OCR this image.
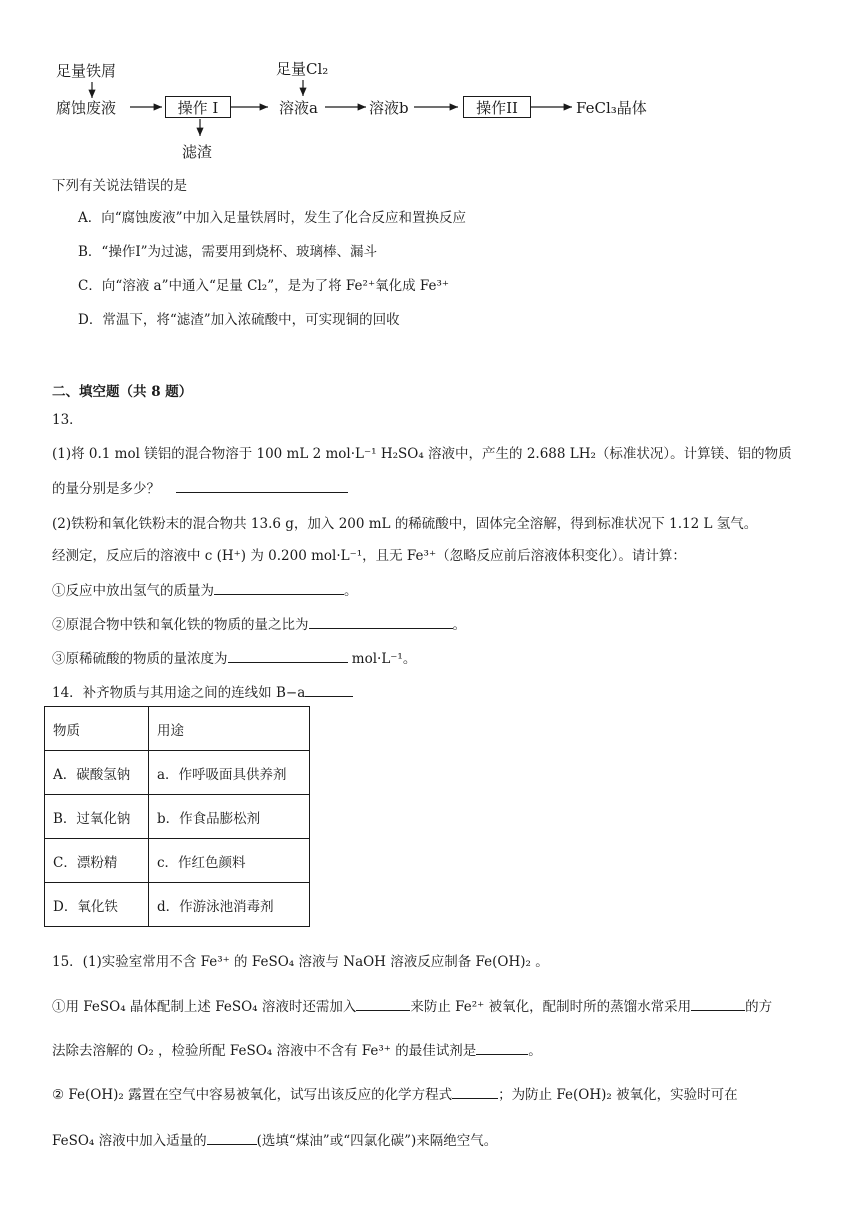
足量铁屑	足量Cl₂
腐蚀废液	操作 I
滤渣
溶液a	溶液b	操作II	FeCl₃晶体
下列有关说法错误的是
A．向“腐蚀废液”中加入足量铁屑时，发生了化合反应和置换反应
B．“操作Ⅰ”为过滤，需要用到烧杯、玻璃棒、漏斗
C．向“溶液 a”中通入“足量 Cl₂”，是为了将 Fe²⁺氧化成 Fe³⁺
D．常温下，将“滤渣”加入浓硫酸中，可实现铜的回收
二、填空题（共 8 题）
13．
(1)将 0.1 mol 镁铝的混合物溶于 100 mL 2 mol·L⁻¹ H₂SO₄ 溶液中，产生的 2.688 LH₂（标准状况）。计算镁、铝的物质
的量分别是多少？
(2)铁粉和氧化铁粉末的混合物共 13.6 g，加入 200 mL 的稀硫酸中，固体完全溶解，得到标准状况下 1.12 L 氢气。
经测定，反应后的溶液中 c (H⁺) 为 0.200 mol·L⁻¹，且无 Fe³⁺（忽略反应前后溶液体积变化）。请计算：
①反应中放出氢气的质量为	。
②原混合物中铁和氧化铁的物质的量之比为	。
③原稀硫酸的物质的量浓度为	mol·L⁻¹。
14．补齐物质与其用途之间的连线如 B−a
物质	用途
A．碳酸氢钠	a．作呼吸面具供养剂
B．过氧化钠	b．作食品膨松剂
C．漂粉精	c．作红色颜料
D．氧化铁	d．作游泳池消毒剂
15．(1)实验室常用不含 Fe³⁺ 的 FeSO₄ 溶液与 NaOH 溶液反应制备 Fe(OH)₂ 。
①用 FeSO₄ 晶体配制上述 FeSO₄ 溶液时还需加入	来防止 Fe²⁺ 被氧化，配制时所的蒸馏水常采用	的方
法除去溶解的 O₂ ，检验所配 FeSO₄ 溶液中不含有 Fe³⁺ 的最佳试剂是	。
② Fe(OH)₂ 露置在空气中容易被氧化，试写出该反应的化学方程式	；为防止 Fe(OH)₂ 被氧化，实验时可在
FeSO₄ 溶液中加入适量的	(选填“煤油”或“四氯化碳”)来隔绝空气。
